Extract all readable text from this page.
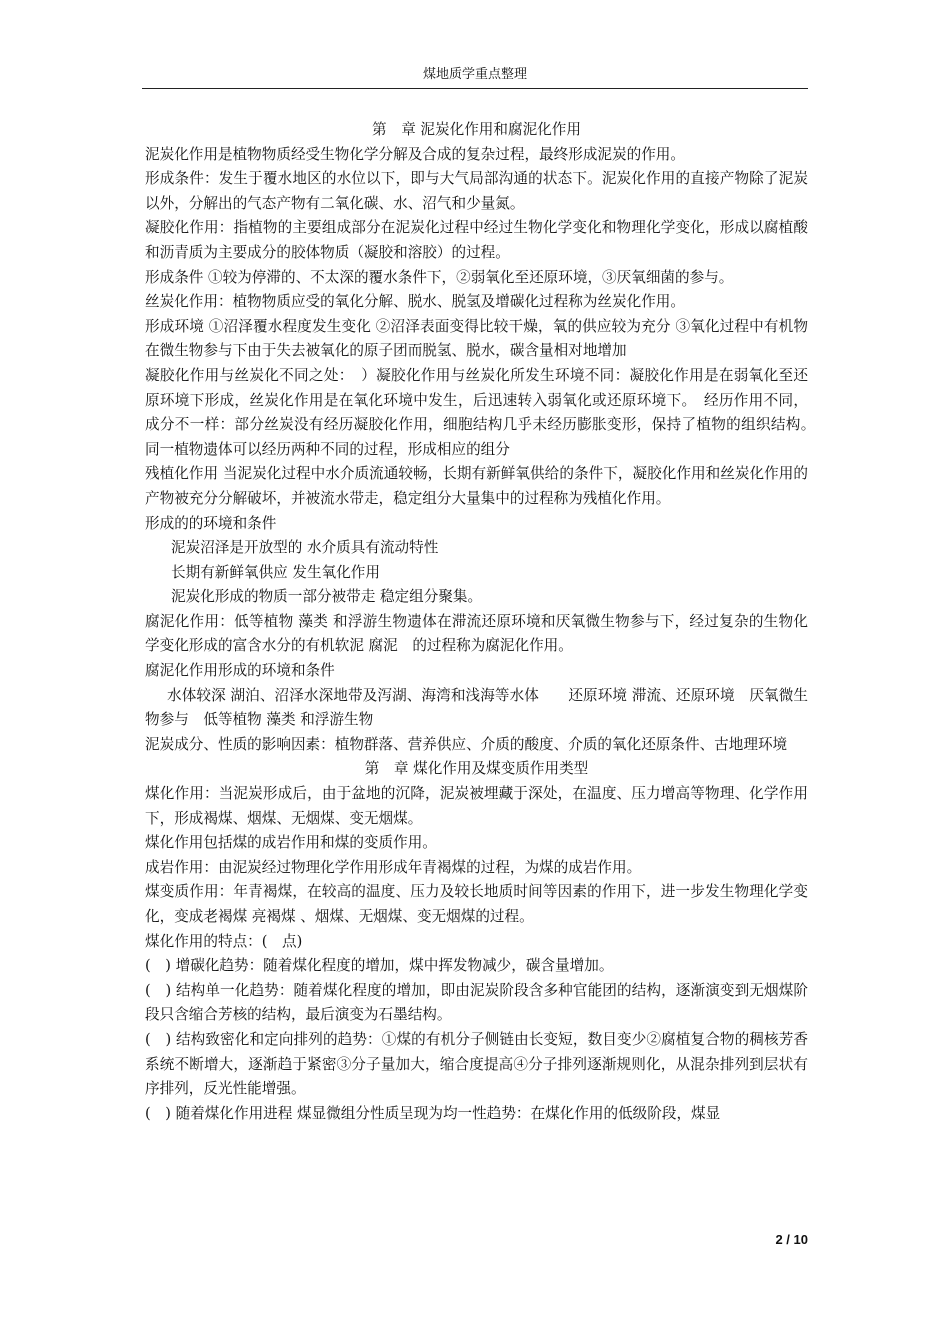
煤地质学重点整理

第　章 泥炭化作用和腐泥化作用

泥炭化作用是植物物质经受生物化学分解及合成的复杂过程，最终形成泥炭的作用。

形成条件：发生于覆水地区的水位以下，即与大气局部沟通的状态下。泥炭化作用的直接产物除了泥炭以外，分解出的气态产物有二氧化碳、水、沼气和少量氮。

凝胶化作用：指植物的主要组成部分在泥炭化过程中经过生物化学变化和物理化学变化，形成以腐植酸和沥青质为主要成分的胶体物质（凝胶和溶胶）的过程。

形成条件 ①较为停滞的、不太深的覆水条件下，②弱氧化至还原环境，③厌氧细菌的参与。

丝炭化作用：植物物质应受的氧化分解、脱水、脱氢及增碳化过程称为丝炭化作用。

形成环境 ①沼泽覆水程度发生变化 ②沼泽表面变得比较干燥，氧的供应较为充分 ③氧化过程中有机物在微生物参与下由于失去被氧化的原子团而脱氢、脱水，碳含量相对地增加

凝胶化作用与丝炭化不同之处：　）凝胶化作用与丝炭化所发生环境不同：凝胶化作用是在弱氧化至还原环境下形成，丝炭化作用是在氧化环境中发生，后迅速转入弱氧化或还原环境下。　经历作用不同，成分不一样：部分丝炭没有经历凝胶化作用，细胞结构几乎未经历膨胀变形，保持了植物的组织结构。　同一植物遗体可以经历两种不同的过程，形成相应的组分

残植化作用 当泥炭化过程中水介质流通较畅，长期有新鲜氧供给的条件下，凝胶化作用和丝炭化作用的产物被充分分解破坏，并被流水带走，稳定组分大量集中的过程称为残植化作用。

形成的的环境和条件

泥炭沼泽是开放型的 水介质具有流动特性

长期有新鲜氧供应 发生氧化作用

泥炭化形成的物质一部分被带走 稳定组分聚集。

腐泥化作用：低等植物 藻类 和浮游生物遗体在滞流还原环境和厌氧微生物参与下，经过复杂的生物化学变化形成的富含水分的有机软泥 腐泥　的过程称为腐泥化作用。

腐泥化作用形成的环境和条件

水体较深 湖泊、沼泽水深地带及泻湖、海湾和浅海等水体　　还原环境 滞流、还原环境　厌氧微生物参与　低等植物 藻类 和浮游生物

泥炭成分、性质的影响因素：植物群落、营养供应、介质的酸度、介质的氧化还原条件、古地理环境

第　章 煤化作用及煤变质作用类型

煤化作用：当泥炭形成后，由于盆地的沉降，泥炭被埋藏于深处，在温度、压力增高等物理、化学作用下，形成褐煤、烟煤、无烟煤、变无烟煤。

煤化作用包括煤的成岩作用和煤的变质作用。

成岩作用：由泥炭经过物理化学作用形成年青褐煤的过程，为煤的成岩作用。

煤变质作用：年青褐煤，在较高的温度、压力及较长地质时间等因素的作用下，进一步发生物理化学变化，变成老褐煤 亮褐煤 、烟煤、无烟煤、变无烟煤的过程。

煤化作用的特点：(　点)

(　) 增碳化趋势：随着煤化程度的增加，煤中挥发物减少，碳含量增加。

(　) 结构单一化趋势：随着煤化程度的增加，即由泥炭阶段含多种官能团的结构，逐渐演变到无烟煤阶段只含缩合芳核的结构，最后演变为石墨结构。

(　) 结构致密化和定向排列的趋势：①煤的有机分子侧链由长变短，数目变少②腐植复合物的稠核芳香系统不断增大，逐渐趋于紧密③分子量加大，缩合度提高④分子排列逐渐规则化，从混杂排列到层状有序排列，反光性能增强。

(　) 随着煤化作用进程 煤显微组分性质呈现为均一性趋势：在煤化作用的低级阶段，煤显

2 / 10
